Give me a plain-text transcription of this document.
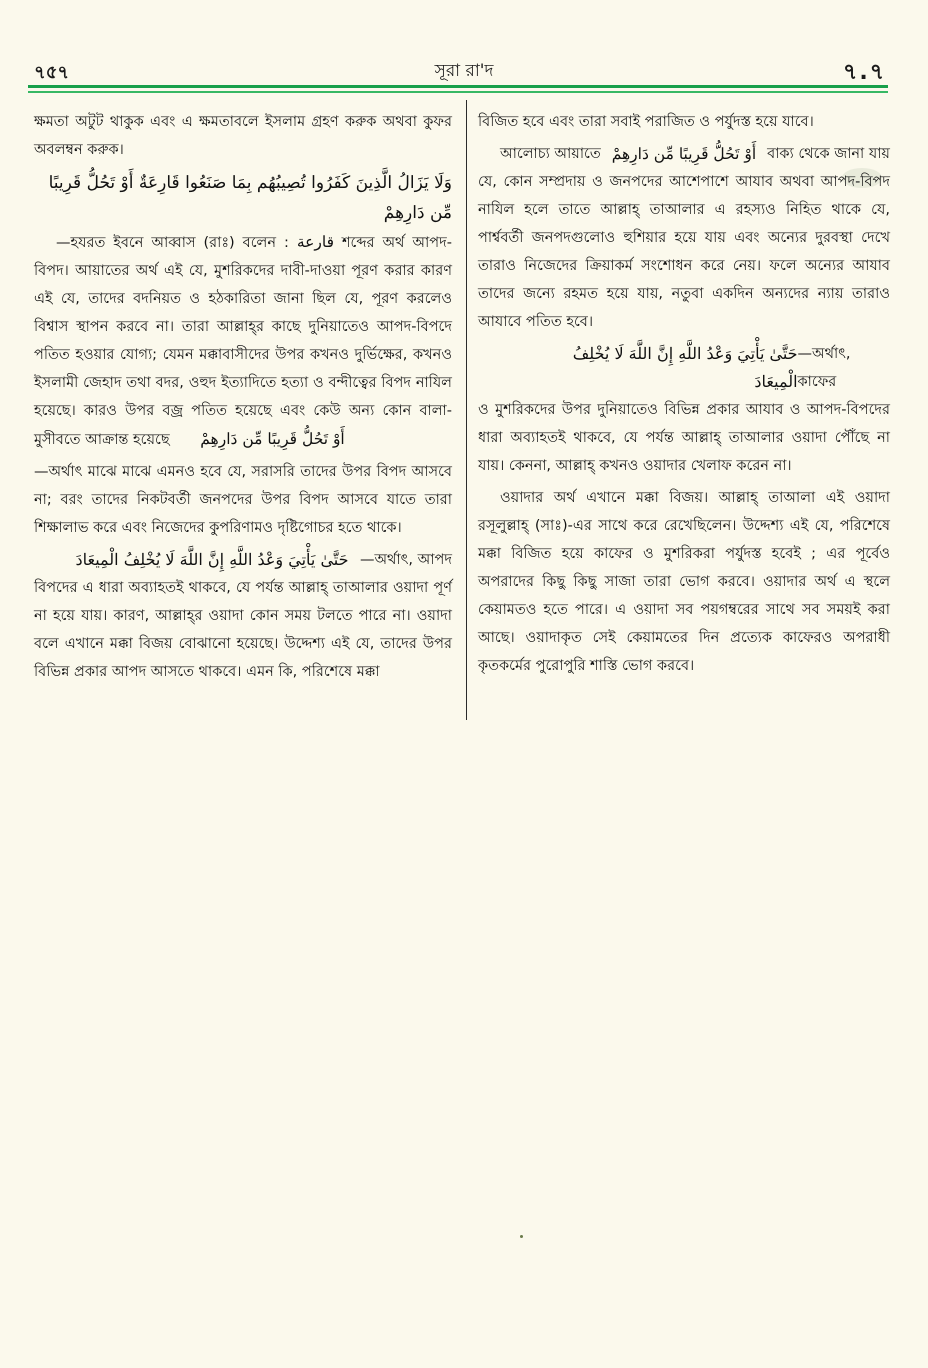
৭৫৭	সূরা রা'দ	৭.৭

ক্ষমতা অটুট থাকুক এবং এ ক্ষমতাবলে ইসলাম গ্রহণ করুক অথবা কুফর অবলম্বন করুক।

وَلَا يَزَالُ الَّذِينَ كَفَرُوا تُصِيبُهُم بِمَا صَنَعُوا قَارِعَةٌ أَوْ تَحُلُّ قَرِيبًا
مِّن دَارِهِمْ

—হযরত ইবনে আব্বাস (রাঃ) বলেন : قارعة শব্দের অর্থ আপদ-বিপদ। আয়াতের অর্থ এই যে, মুশরিকদের দাবী-দাওয়া পূরণ করার কারণ এই যে, তাদের বদনিয়ত ও হঠকারিতা জানা ছিল যে, পূরণ করলেও বিশ্বাস স্থাপন করবে না। তারা আল্লাহ্‌র কাছে দুনিয়াতেও আপদ-বিপদে পতিত হওয়ার যোগ্য; যেমন মক্কাবাসীদের উপর কখনও দুর্ভিক্ষের, কখনও ইসলামী জেহাদ তথা বদর, ওহুদ ইত্যাদিতে হত্যা ও বন্দীত্বের বিপদ নাযিল হয়েছে। কারও উপর বজ্র পতিত হয়েছে এবং কেউ অন্য কোন বালা-মুসীবতে আক্রান্ত হয়েছে أَوْ تَحُلُّ قَرِيبًا مِّن دَارِهِمْ

—অর্থাৎ মাঝে মাঝে এমনও হবে যে, সরাসরি তাদের উপর বিপদ আসবে না; বরং তাদের নিকটবর্তী জনপদের উপর বিপদ আসবে যাতে তারা শিক্ষালাভ করে এবং নিজেদের কুপরিণামও দৃষ্টিগোচর হতে থাকে।

حَتَّىٰ يَأْتِيَ وَعْدُ اللَّهِ إِنَّ اللَّهَ لَا يُخْلِفُ الْمِيعَادَ —অর্থাৎ, আপদ

বিপদের এ ধারা অব্যাহতই থাকবে, যে পর্যন্ত আল্লাহ্‌ তাআলার ওয়াদা পূর্ণ না হয়ে যায়। কারণ, আল্লাহ্‌র ওয়াদা কোন সময় টলতে পারে না। ওয়াদা বলে এখানে মক্কা বিজয় বোঝানো হয়েছে। উদ্দেশ্য এই যে, তাদের উপর বিভিন্ন প্রকার আপদ আসতে থাকবে। এমন কি, পরিশেষে মক্কা

বিজিত হবে এবং তারা সবাই পরাজিত ও পর্যুদস্ত হয়ে যাবে।

আলোচ্য আয়াতে أَوْ تَحُلُّ قَرِيبًا مِّن دَارِهِمْ বাক্য থেকে জানা যায়

যে, কোন সম্প্রদায় ও জনপদের আশেপাশে আযাব অথবা আপদ-বিপদ নাযিল হলে তাতে আল্লাহ্‌ তাআলার এ রহস্যও নিহিত থাকে যে, পার্শ্ববর্তী জনপদগুলোও হুশিয়ার হয়ে যায় এবং অন্যের দুরবস্থা দেখে তারাও নিজেদের ক্রিয়াকর্ম সংশোধন করে নেয়। ফলে অন্যের আযাব তাদের জন্যে রহমত হয়ে যায়, নতুবা একদিন অন্যদের ন্যায় তারাও আযাবে পতিত হবে।

حَتَّىٰ يَأْتِيَ وَعْدُ اللَّهِ إِنَّ اللَّهَ لَا يُخْلِفُ الْمِيعَادَ
—অর্থাৎ, কাফের

ও মুশরিকদের উপর দুনিয়াতেও বিভিন্ন প্রকার আযাব ও আপদ-বিপদের ধারা অব্যাহতই থাকবে, যে পর্যন্ত আল্লাহ্‌ তাআলার ওয়াদা পৌঁছে না যায়। কেননা, আল্লাহ্‌ কখনও ওয়াদার খেলাফ করেন না।

ওয়াদার অর্থ এখানে মক্কা বিজয়। আল্লাহ্‌ তাআলা এই ওয়াদা রসূলুল্লাহ্‌ (সাঃ)-এর সাথে করে রেখেছিলেন। উদ্দেশ্য এই যে, পরিশেষে মক্কা বিজিত হয়ে কাফের ও মুশরিকরা পর্যুদস্ত হবেই ; এর পূর্বেও অপরাদের কিছু কিছু সাজা তারা ভোগ করবে। ওয়াদার অর্থ এ স্থলে কেয়ামতও হতে পারে। এ ওয়াদা সব পয়গম্বরের সাথে সব সময়ই করা আছে। ওয়াদাকৃত সেই কেয়ামতের দিন প্রত্যেক কাফেরও অপরাধী কৃতকর্মের পুরোপুরি শাস্তি ভোগ করবে।
